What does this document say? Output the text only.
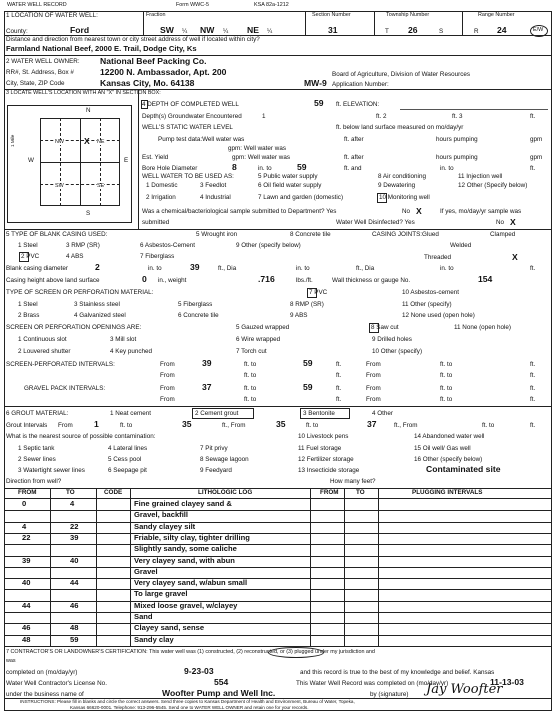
WATER WELL RECORD	Form WWC-5	KSA 82a-1212
1 LOCATION OF WATER WELL:
County:	Ford
Fraction
SW ¼ NW ¼ NE ¼
Section Number
31
Township Number
T 26	S
Range Number
R 24	E/W
Distance and direction from nearest town or city street address of well if located within city?
Farmland National Beef, 2000 E. Trail, Dodge City, Ks
2 WATER WELL OWNER: National Beef Packing Co.
RR#, St. Address, Box #	12200 N. Ambassador, Apt. 200
City, State, ZIP Code	Kansas City, Mo. 64138
Board of Agriculture, Division of Water Resources
Application Number:
MW-9
3 LOCATE WELL'S LOCATION WITH AN "X" IN SECTION BOX:
N
S
W	E
1 Mile	NW	NE
SW	SE
X
4 DEPTH OF COMPLETED WELL	59 ft. ELEVATION:
Depth(s) Groundwater Encountered	1	ft. 2	ft. 3	ft.
WELL'S STATIC WATER LEVEL	ft. below land surface measured on mo/day/yr
Pump test data:Well water was	ft. after	hours pumping	gpm
gpm: Well water was
Est. Yield	gpm: Well water was	ft. after	hours pumping	gpm
Bore Hole Diameter	8	in. to	59	ft. and	in. to	ft.
WELL WATER TO BE USED AS:	5 Public water supply	8 Air conditioning	11 Injection well
1 Domestic	3 Feedlot	6 Oil field water supply
2 Irrigation	4 Industrial	7 Lawn and garden (domestic)
9 Dewatering	12 Other (Specify below)
10 Monitoring well
Was a chemical/bacteriological sample submitted to Department? Yes	No X	If yes, mo/day/yr sample was
submitted	Water Well Disinfected? Yes	No X
5 TYPE OF BLANK CASING USED:
1 Steel	3 RMP (SR)
5 Wrought iron	8 Concrete tile
2 PVC	4 ABS
6 Asbestos-Cement
7 Fiberglass
9 Other (specify below)
CASING JOINTS:Glued	Clamped
Welded
Threaded	X
Blank casing diameter	2	in. to	39	ft., Dia	in. to	ft., Dia	in. to	ft.
Casing height above land surface	0 in., weight	.716	lbs./ft.	Wall thickness or gauge No.	154
TYPE OF SCREEN OR PERFORATION MATERIAL:
1 Steel	3 Stainless steel	5 Fiberglass
7 PVC	10 Asbestos-cement
2 Brass	4 Galvanized steel	6 Concrete tile
8 RMP (SR)
9 ABS
11 Other (specify)
12 None used (open hole)
SCREEN OR PERFORATION OPENINGS ARE:	5 Gauzed wrapped	8 Saw cut	11 None (open hole)
1 Continuous slot	3 Mill slot	6 Wire wrapped	9 Drilled holes
2 Louvered shutter	4 Key punched	7 Torch cut	10 Other (specify)
SCREEN-PERFORATED INTERVALS:	From	39	ft. to	59	ft.	From	ft. to	ft.
From	ft. to	ft.	From	ft. to	ft.
GRAVEL PACK INTERVALS:	From	37	ft. to	59	ft.	From	ft. to	ft.
From	ft. to	ft.	From	ft. to	ft.
6 GROUT MATERIAL:	1 Neat cement	2 Cement grout	3 Bentonite	4 Other
Grout Intervals From 1	ft. to	35	ft., From	35	ft. to	37	ft., From	ft. to	ft.
What is the nearest source of possible contamination:
1 Septic tank	4 Lateral lines	7 Pit privy
10 Livestock pens	14 Abandoned water well
2 Sewer lines	5 Cess pool	8 Sewage lagoon
11 Fuel storage	15 Oil well/ Gas well
3 Watertight sewer lines	6 Seepage pit	9 Feedyard
12 Fertilizer storage	16 Other (specify below)
13 Insecticide storage	Contaminated site
Direction from well?	How many feet?
FROM	TO	CODE	LITHOLOGIC LOG	FROM	TO	PLUGGING INTERVALS
0	4	Fine grained clayey sand &
Gravel, backfill
4	22	Sandy clayey silt
22	39	Friable, silty clay, tighter drilling
Slightly sandy, some caliche
39	40	Very clayey sand, with abun
Gravel
40	44	Very clayey sand, w/abun small
To large gravel
44	46	Mixed loose gravel, w/clayey
Sand
46	48	Clayey sand, sense
48	59	Sandy clay
7 CONTRACTOR'S OR LANDOWNER'S CERTIFICATION: This water well was (1) constructed, (2) reconstructed, or (3) plugged under my jurisdiction and
was
completed on (mo/day/yr)	9-23-03	and this record is true to the best of my knowledge and belief. Kansas
Water Well Contractor's License No.	554	This Water Well Record was completed on (mo/day/yr)	11-13-03
under the business name of	Woofter Pump and Well Inc.	by (signature) Jay Woofter
INSTRUCTIONS: Please fill in blanks and circle the correct answers. Send three copies to Kansas Department of Health and Environment, Bureau of Water, Topeka,
Kansas 66620-0001. Telephone: 913-296-5545. Send one to WATER WELL OWNER and retain one for your records.
